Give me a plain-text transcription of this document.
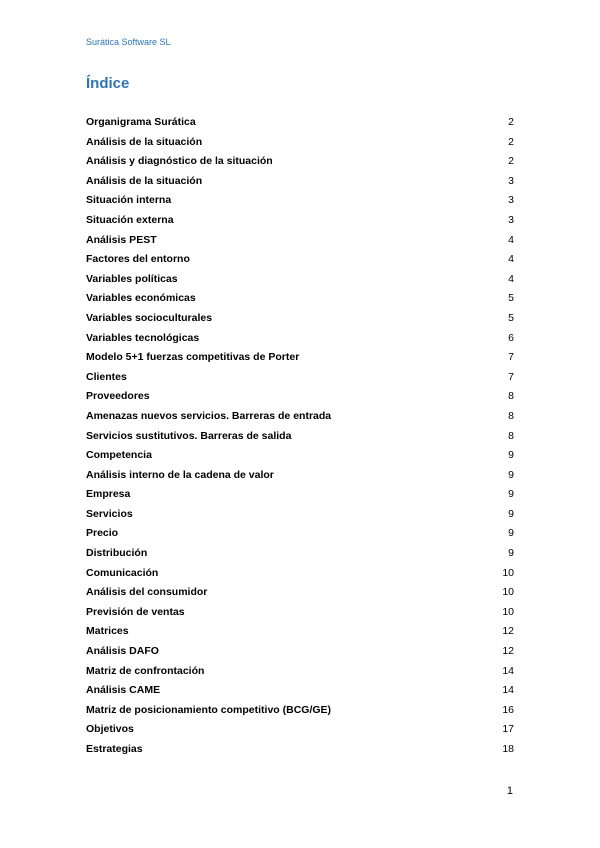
Surática Software SL
Índice
Organigrama Surática	2
Análisis de la situación	2
Análisis y diagnóstico de la situación	2
Análisis de la situación	3
Situación interna	3
Situación externa	3
Análisis PEST	4
Factores del entorno	4
Variables políticas	4
Variables económicas	5
Variables socioculturales	5
Variables tecnológicas	6
Modelo 5+1 fuerzas competitivas de Porter	7
Clientes	7
Proveedores	8
Amenazas nuevos servicios. Barreras de entrada	8
Servicios sustitutivos. Barreras de salida	8
Competencia	9
Análisis interno de la cadena de valor	9
Empresa	9
Servicios	9
Precio	9
Distribución	9
Comunicación	10
Análisis del consumidor	10
Previsión de ventas	10
Matrices	12
Análisis DAFO	12
Matriz de confrontación	14
Análisis CAME	14
Matriz de posicionamiento competitivo (BCG/GE)	16
Objetivos	17
Estrategias	18
1
